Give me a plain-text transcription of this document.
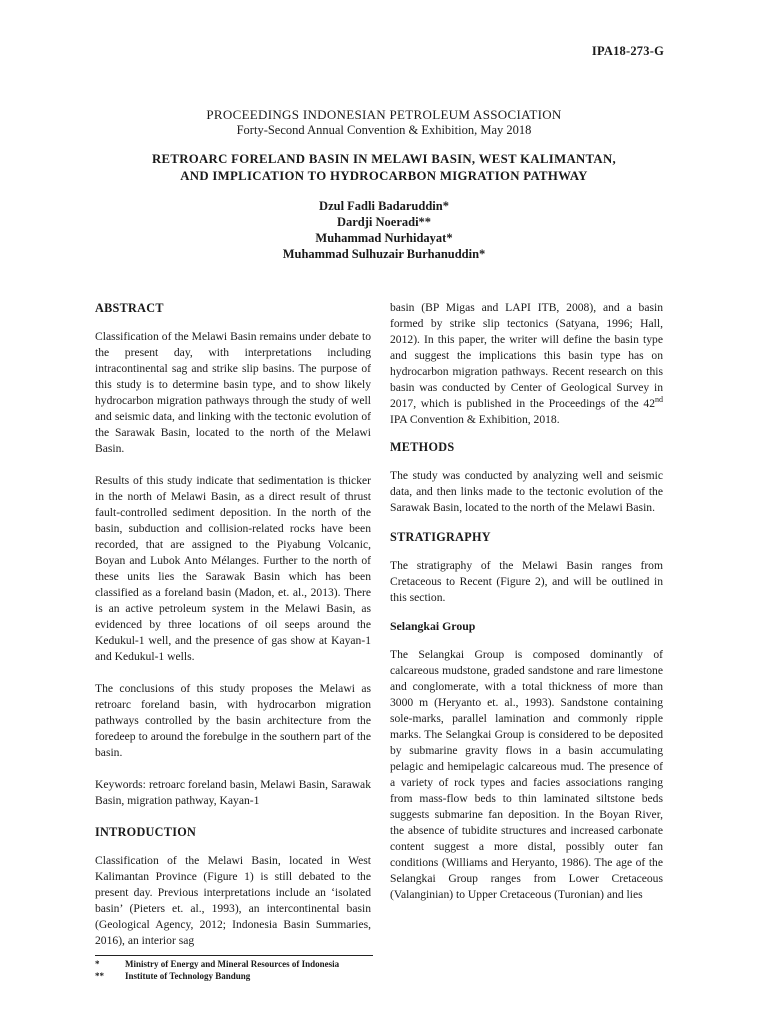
IPA18-273-G
PROCEEDINGS INDONESIAN PETROLEUM ASSOCIATION
Forty-Second Annual Convention & Exhibition, May 2018
RETROARC FORELAND BASIN IN MELAWI BASIN, WEST KALIMANTAN,
AND IMPLICATION TO HYDROCARBON MIGRATION PATHWAY
Dzul Fadli Badaruddin*
Dardji Noeradi**
Muhammad Nurhidayat*
Muhammad Sulhuzair Burhanuddin*
ABSTRACT

Classification of the Melawi Basin remains under debate to the present day, with interpretations including intracontinental sag and strike slip basins. The purpose of this study is to determine basin type, and to show likely hydrocarbon migration pathways through the study of well and seismic data, and linking with the tectonic evolution of the Sarawak Basin, located to the north of the Melawi Basin.

Results of this study indicate that sedimentation is thicker in the north of Melawi Basin, as a direct result of thrust fault-controlled sediment deposition. In the north of the basin, subduction and collision-related rocks have been recorded, that are assigned to the Piyabung Volcanic, Boyan and Lubok Anto Mélanges. Further to the north of these units lies the Sarawak Basin which has been classified as a foreland basin (Madon, et. al., 2013). There is an active petroleum system in the Melawi Basin, as evidenced by three locations of oil seeps around the Kedukul-1 well, and the presence of gas show at Kayan-1 and Kedukul-1 wells.

The conclusions of this study proposes the Melawi as retroarc foreland basin, with hydrocarbon migration pathways controlled by the basin architecture from the foredeep to around the forebulge in the southern part of the basin.

Keywords: retroarc foreland basin, Melawi Basin, Sarawak Basin, migration pathway, Kayan-1

INTRODUCTION

Classification of the Melawi Basin, located in West Kalimantan Province (Figure 1) is still debated to the present day. Previous interpretations include an ‘isolated basin’ (Pieters et. al., 1993), an intercontinental basin (Geological Agency, 2012; Indonesia Basin Summaries, 2016), an interior sag

basin (BP Migas and LAPI ITB, 2008), and a basin formed by strike slip tectonics (Satyana, 1996; Hall, 2012). In this paper, the writer will define the basin type and suggest the implications this basin type has on hydrocarbon migration pathways. Recent research on this basin was conducted by Center of Geological Survey in 2017, which is published in the Proceedings of the 42nd IPA Convention & Exhibition, 2018.

METHODS

The study was conducted by analyzing well and seismic data, and then links made to the tectonic evolution of the Sarawak Basin, located to the north of the Melawi Basin.

STRATIGRAPHY

The stratigraphy of the Melawi Basin ranges from Cretaceous to Recent (Figure 2), and will be outlined in this section.

Selangkai Group

The Selangkai Group is composed dominantly of calcareous mudstone, graded sandstone and rare limestone and conglomerate, with a total thickness of more than 3000 m (Heryanto et. al., 1993). Sandstone containing sole-marks, parallel lamination and commonly ripple marks. The Selangkai Group is considered to be deposited by submarine gravity flows in a basin accumulating pelagic and hemipelagic calcareous mud. The presence of a variety of rock types and facies associations ranging from mass-flow beds to thin laminated siltstone beds suggests submarine fan deposition. In the Boyan River, the absence of tubidite structures and increased carbonate content suggest a more distal, possibly outer fan conditions (Williams and Heryanto, 1986). The age of the Selangkai Group ranges from Lower Cretaceous (Valanginian) to Upper Cretaceous (Turonian) and lies

*	Ministry of Energy and Mineral Resources of Indonesia
**	Institute of Technology Bandung
